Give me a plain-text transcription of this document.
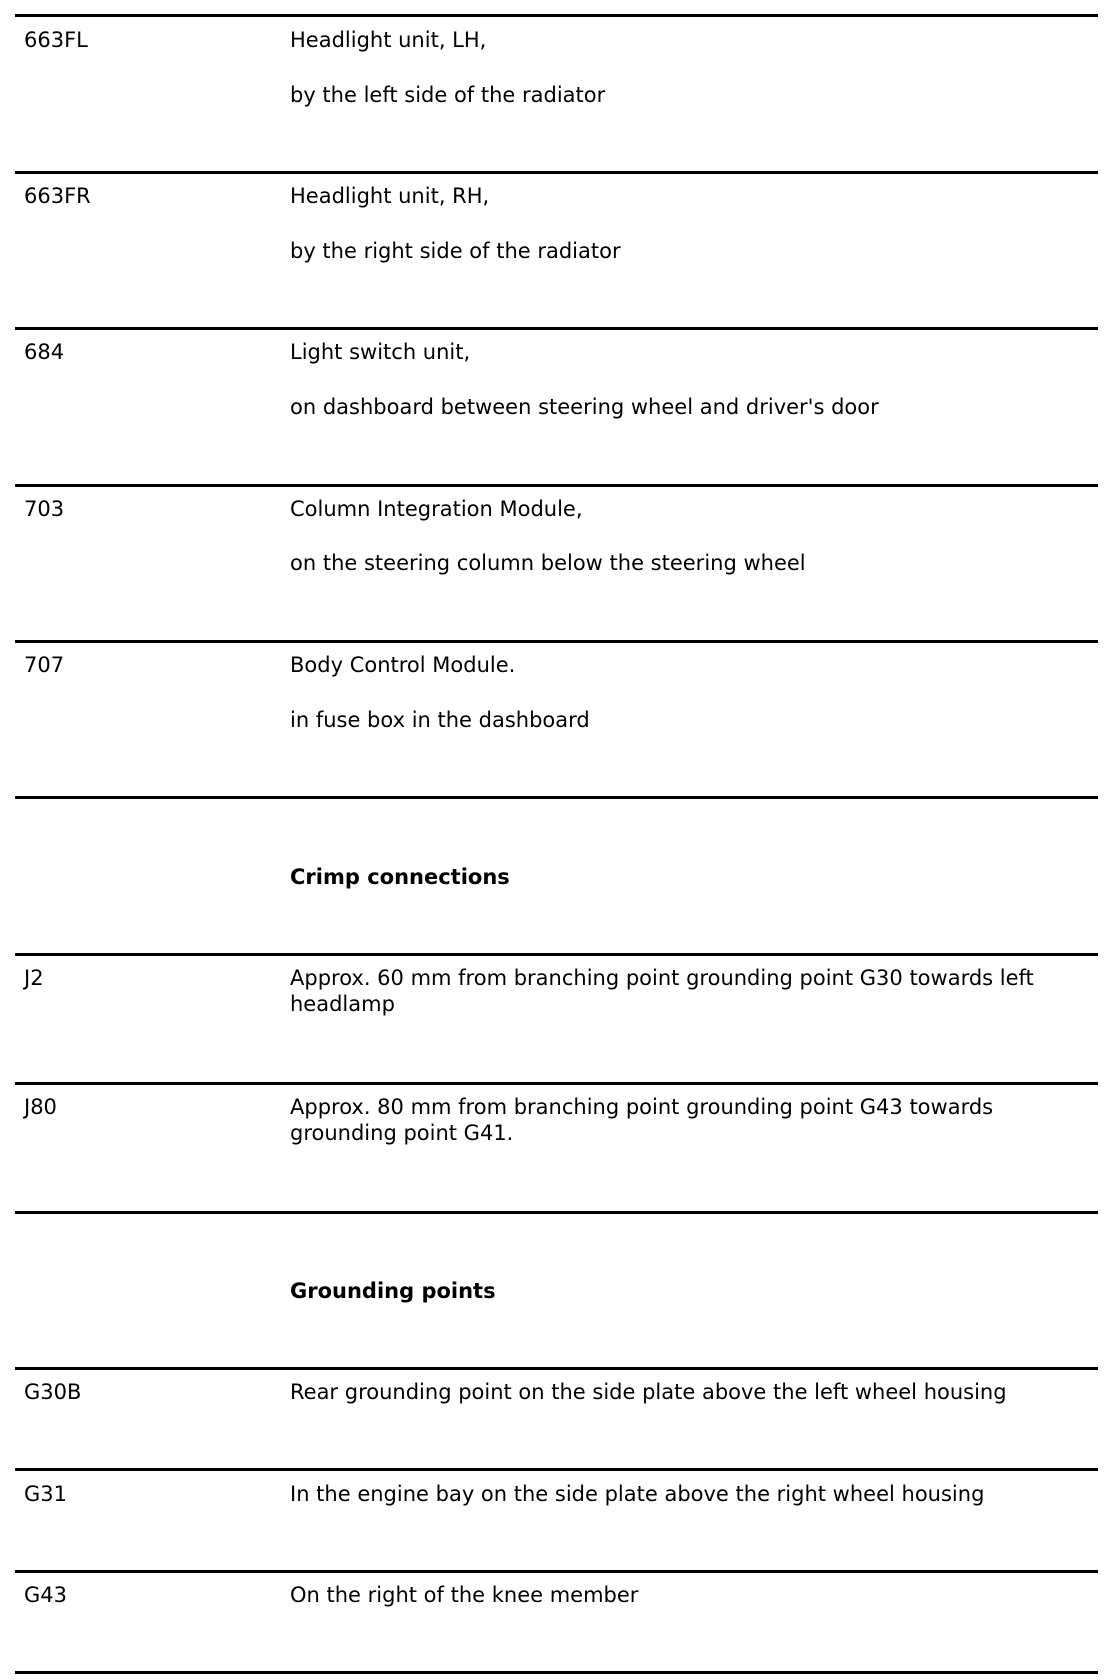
663FL	Headlight unit, LH,
by the left side of the radiator
663FR	Headlight unit, RH,
by the right side of the radiator
684	Light switch unit,
on dashboard between steering wheel and driver's door
703	Column Integration Module,
on the steering column below the steering wheel
707	Body Control Module.
in fuse box in the dashboard
Crimp connections
J2	Approx. 60 mm from branching point grounding point G30 towards left headlamp
J80	Approx. 80 mm from branching point grounding point G43 towards grounding point G41.
Grounding points
G30B	Rear grounding point on the side plate above the left wheel housing
G31	In the engine bay on the side plate above the right wheel housing
G43	On the right of the knee member
